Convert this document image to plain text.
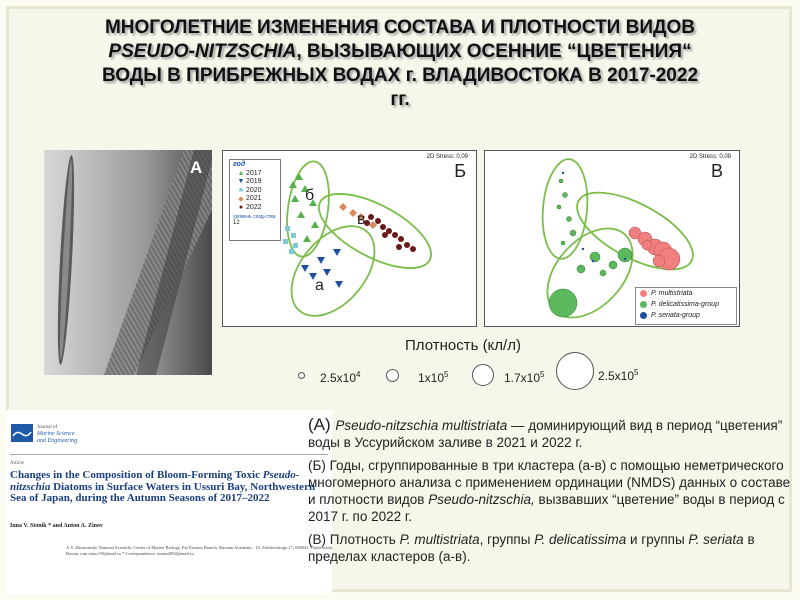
МНОГОЛЕТНИЕ ИЗМЕНЕНИЯ СОСТАВА И ПЛОТНОСТИ ВИДОВ
PSEUDO-NITZSCHIA, ВЫЗЫВАЮЩИХ ОСЕННИЕ “ЦВЕТЕНИЯ“
ВОДЫ В ПРИБРЕЖНЫХ ВОДАХ г. ВЛАДИВОСТОКА В 2017-2022
гг.
А
2D Stress: 0,09
Б
год
▲ 2017
▼ 2019
■ 2020
◆ 2021
● 2022
уровень сход-ства 12
б
в
а
2D Stress: 0,09
В
P. multistriata
P. delicatissima-group
P. seriata-group
Плотность (кл/л)
$2.5x10^4$	$1x10^5$	$1.7x10^5$	$2.5x10^5$
Journal of
Marine Science
and Engineering
Article
Changes in the Composition of Bloom-Forming Toxic Pseudo-nitzschia Diatoms in Surface Waters in Ussuri Bay, Northwestern Sea of Japan, during the Autumn Seasons of 2017–2022
Inna V. Stonik * and Anton A. Zinov
A.V. Zhirmunsky National Scientific Center of Marine Biology, Far Eastern Branch, Russian Academy... Ul. Palchevskogo 17, 690041 Vladivostok, Russia; toni.zinov.99@mail.ru * Correspondence: innast2004@mail.ru

(А) Pseudo-nitzschia multistriata — доминирующий вид в период “цветения” воды в Уссурийском заливе в 2021 и 2022 г.

(Б) Годы, сгруппированные в три кластера (а-в) с помощью неметрического многомерного анализа с применением ординации (NMDS) данных о составе и плотности видов Pseudo-nitzschia, вызвавших “цветение” воды в период с 2017 г. по 2022 г.

(В) Плотность P. multistriata, группы P. delicatissima и группы P. seriata в пределах кластеров (а-в).
